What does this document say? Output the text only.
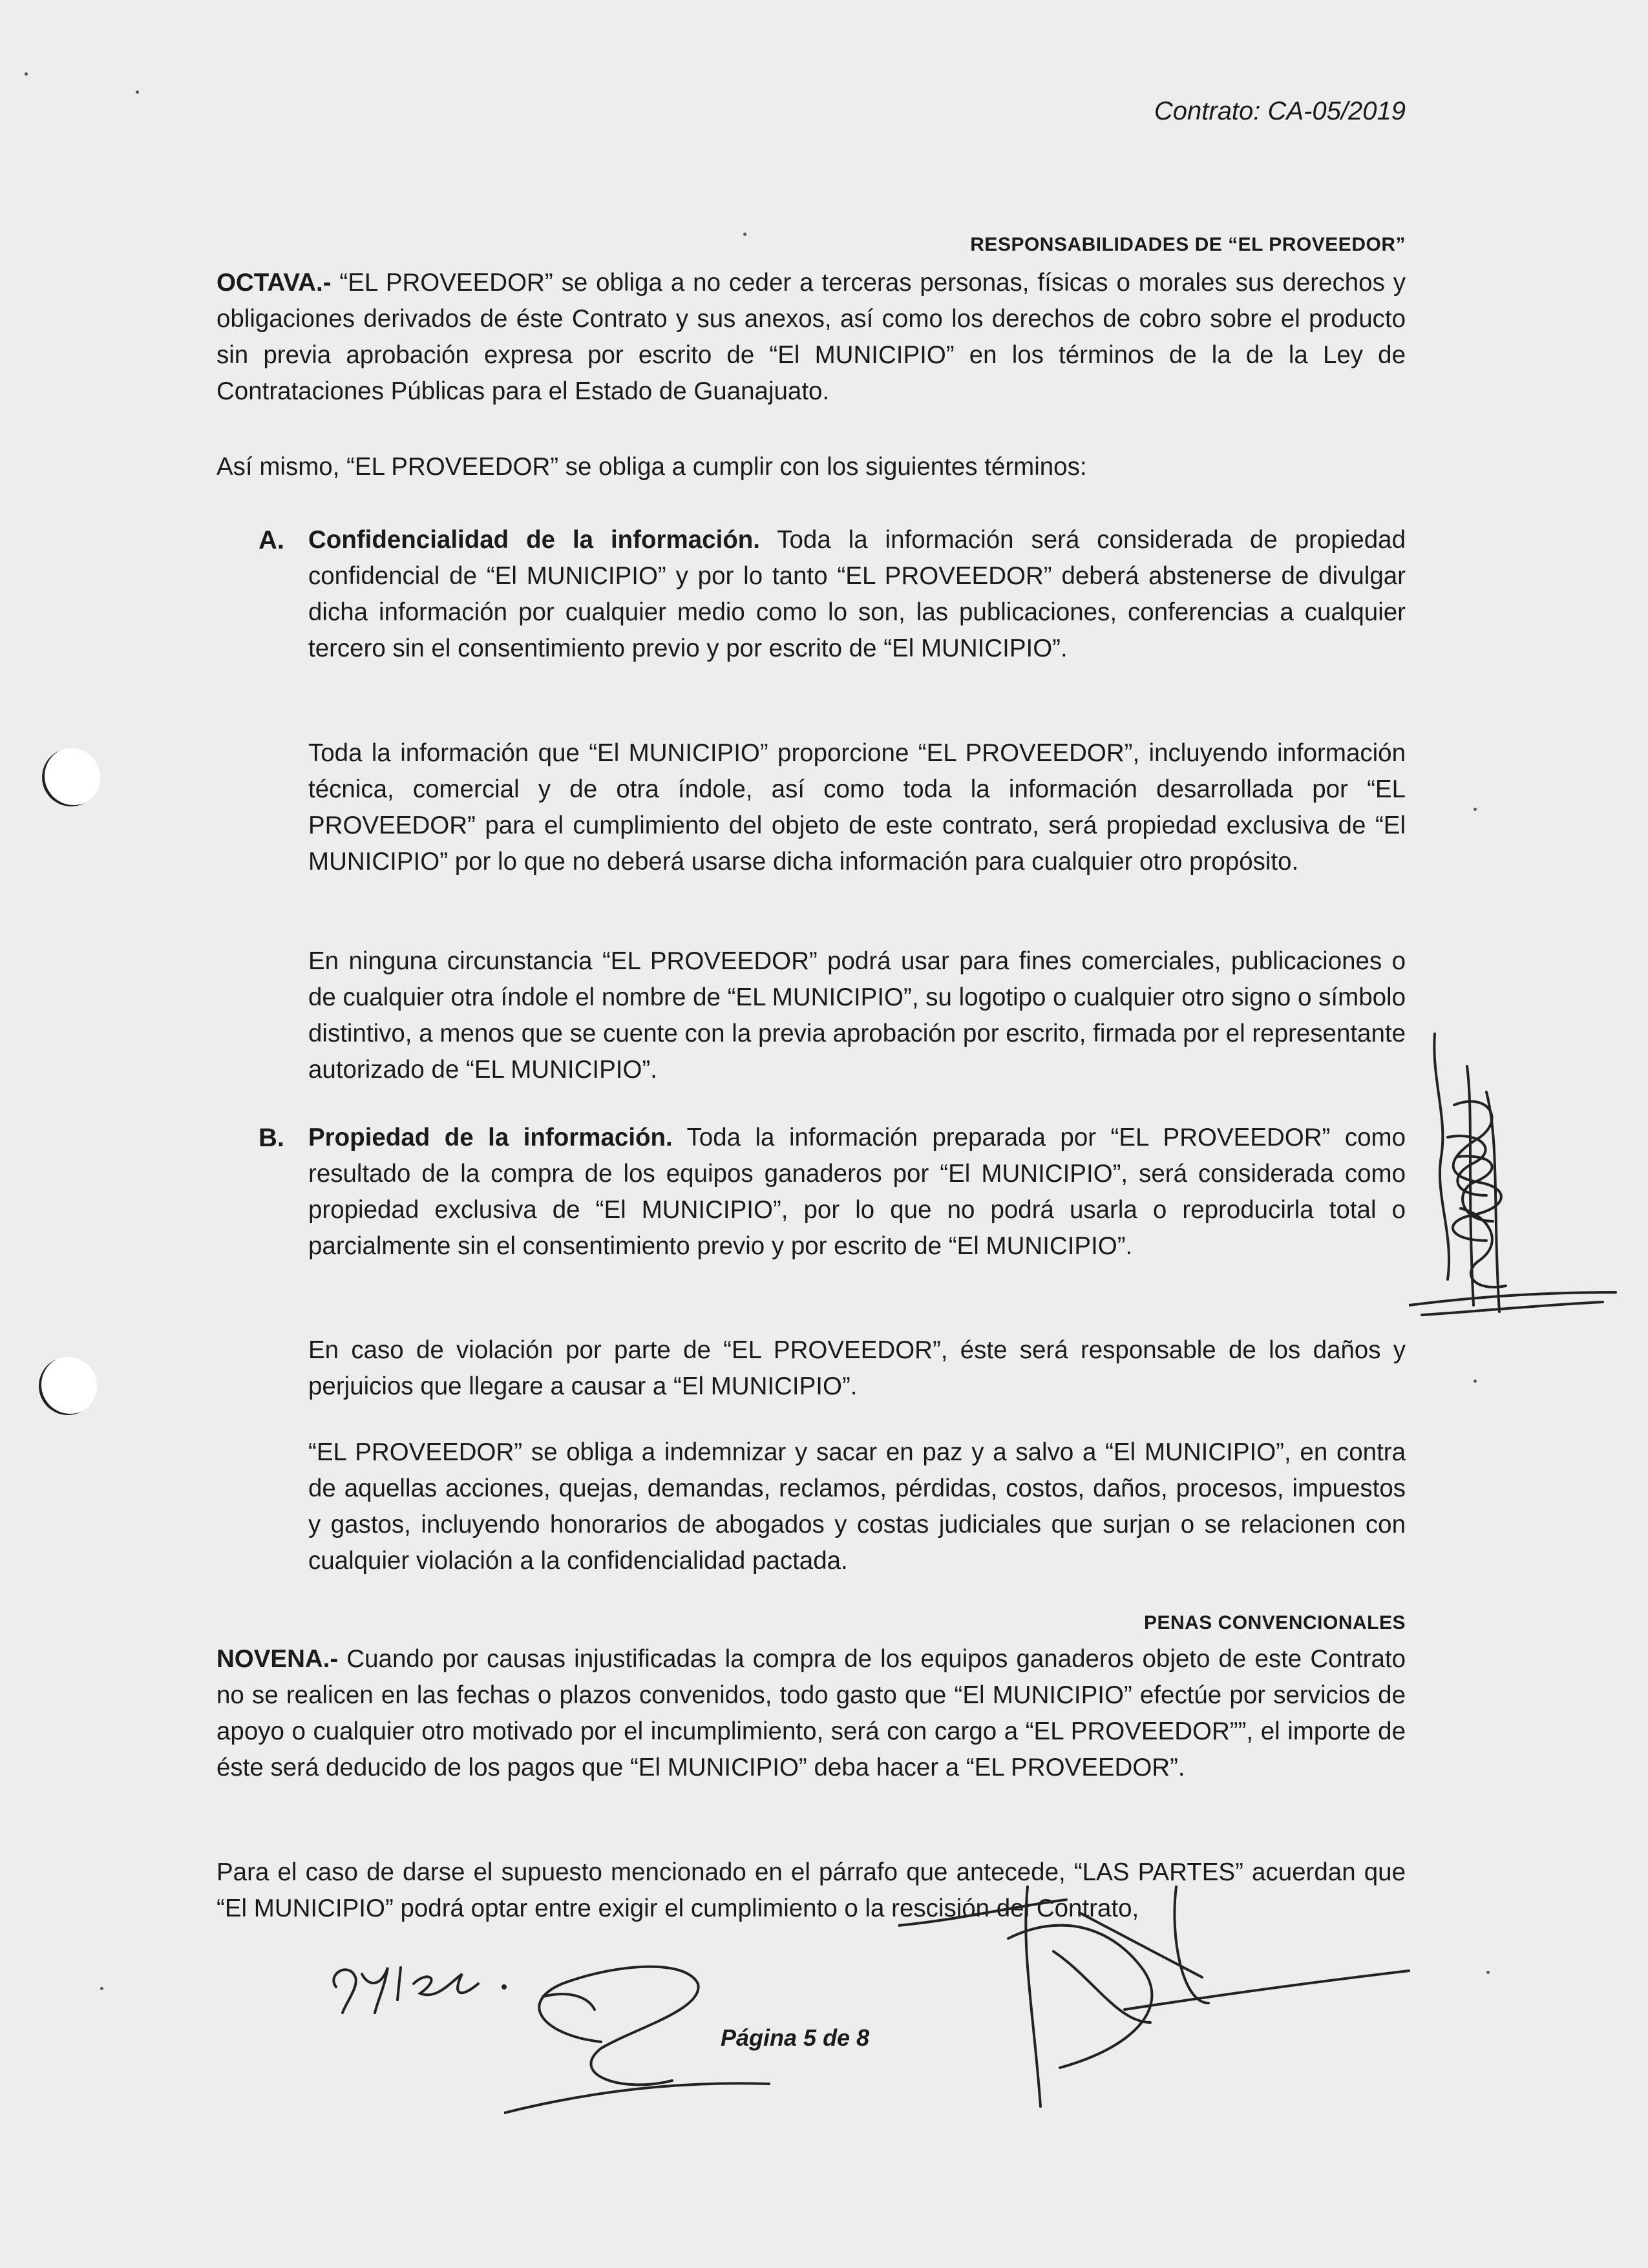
Contrato: CA-05/2019
RESPONSABILIDADES DE “EL PROVEEDOR”
OCTAVA.- “EL PROVEEDOR” se obliga a no ceder a terceras personas, físicas o morales sus derechos y obligaciones derivados de éste Contrato y sus anexos, así como los derechos de cobro sobre el producto sin previa aprobación expresa por escrito de “El MUNICIPIO” en los términos de la de la Ley de Contrataciones Públicas para el Estado de Guanajuato.
Así mismo, “EL PROVEEDOR” se obliga a cumplir con los siguientes términos:
A. Confidencialidad de la información. Toda la información será considerada de propiedad confidencial de “El MUNICIPIO” y por lo tanto “EL PROVEEDOR” deberá abstenerse de divulgar dicha información por cualquier medio como lo son, las publicaciones, conferencias a cualquier tercero sin el consentimiento previo y por escrito de “El MUNICIPIO”.
Toda la información que “El MUNICIPIO” proporcione “EL PROVEEDOR”, incluyendo información técnica, comercial y de otra índole, así como toda la información desarrollada por “EL PROVEEDOR” para el cumplimiento del objeto de este contrato, será propiedad exclusiva de “El MUNICIPIO” por lo que no deberá usarse dicha información para cualquier otro propósito.
En ninguna circunstancia “EL PROVEEDOR” podrá usar para fines comerciales, publicaciones o de cualquier otra índole el nombre de “EL MUNICIPIO”, su logotipo o cualquier otro signo o símbolo distintivo, a menos que se cuente con la previa aprobación por escrito, firmada por el representante autorizado de “EL MUNICIPIO”.
B. Propiedad de la información. Toda la información preparada por “EL PROVEEDOR” como resultado de la compra de los equipos ganaderos por “El MUNICIPIO”, será considerada como propiedad exclusiva de “El MUNICIPIO”, por lo que no podrá usarla o reproducirla total o parcialmente sin el consentimiento previo y por escrito de “El MUNICIPIO”.
En caso de violación por parte de “EL PROVEEDOR”, éste será responsable de los daños y perjuicios que llegare a causar a “El MUNICIPIO”.
“EL PROVEEDOR” se obliga a indemnizar y sacar en paz y a salvo a “El MUNICIPIO”, en contra de aquellas acciones, quejas, demandas, reclamos, pérdidas, costos, daños, procesos, impuestos y gastos, incluyendo honorarios de abogados y costas judiciales que surjan o se relacionen con cualquier violación a la confidencialidad pactada.
PENAS CONVENCIONALES
NOVENA.- Cuando por causas injustificadas la compra de los equipos ganaderos objeto de este Contrato no se realicen en las fechas o plazos convenidos, todo gasto que “El MUNICIPIO” efectúe por servicios de apoyo o cualquier otro motivado por el incumplimiento, será con cargo a “EL PROVEEDOR””, el importe de éste será deducido de los pagos que “El MUNICIPIO” deba hacer a “EL PROVEEDOR”.
Para el caso de darse el supuesto mencionado en el párrafo que antecede, “LAS PARTES” acuerdan que “El MUNICIPIO” podrá optar entre exigir el cumplimiento o la rescisión del Contrato,
Página 5 de 8
